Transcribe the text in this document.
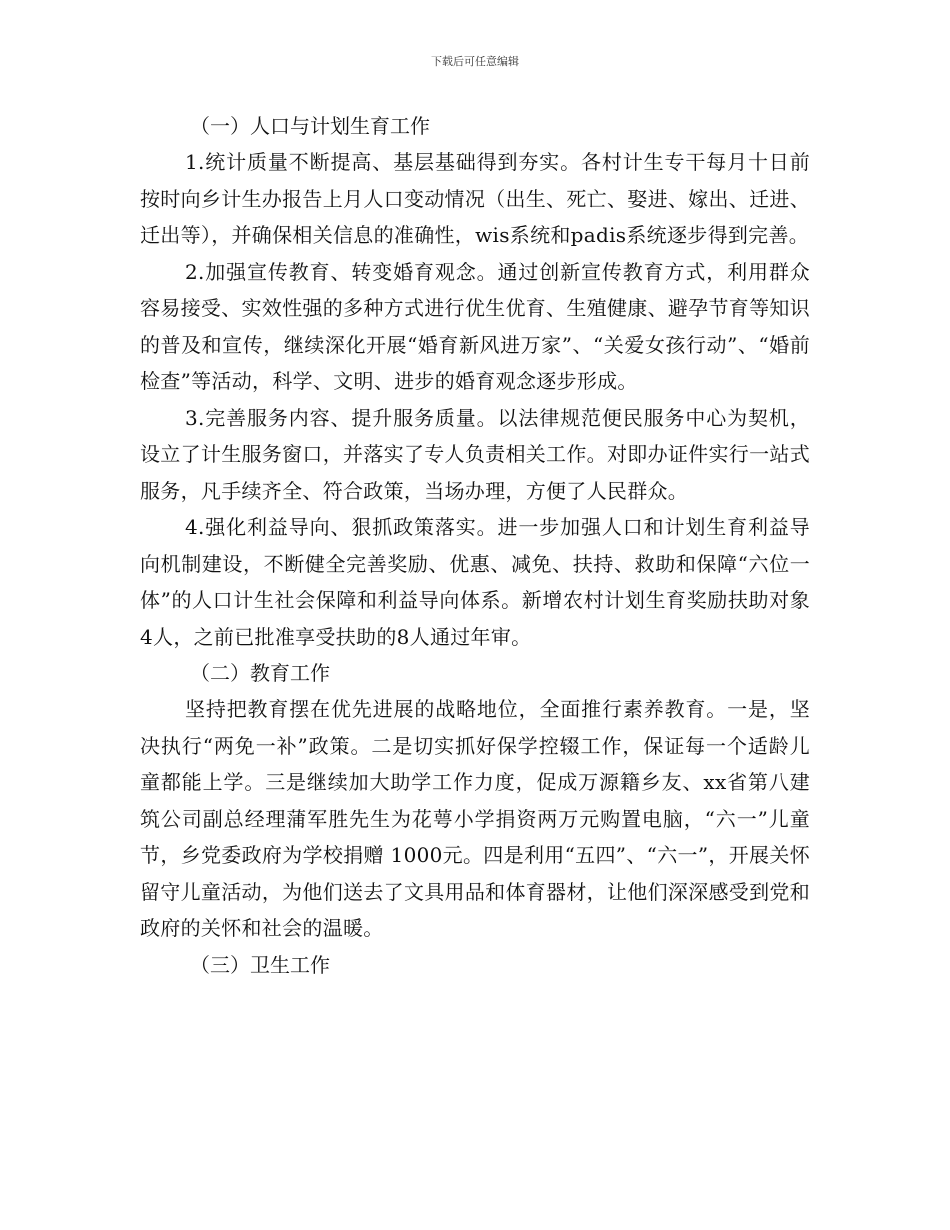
下载后可任意编辑
（一）人口与计划生育工作

1.统计质量不断提高、基层基础得到夯实。各村计生专干每月十日前按时向乡计生办报告上月人口变动情况（出生、死亡、娶进、嫁出、迁进、迁出等），并确保相关信息的准确性，wis系统和padis系统逐步得到完善。

2.加强宣传教育、转变婚育观念。通过创新宣传教育方式，利用群众容易接受、实效性强的多种方式进行优生优育、生殖健康、避孕节育等知识的普及和宣传，继续深化开展“婚育新风进万家”、“关爱女孩行动”、“婚前检查”等活动，科学、文明、进步的婚育观念逐步形成。

3.完善服务内容、提升服务质量。以法律规范便民服务中心为契机，设立了计生服务窗口，并落实了专人负责相关工作。对即办证件实行一站式服务，凡手续齐全、符合政策，当场办理，方便了人民群众。

4.强化利益导向、狠抓政策落实。进一步加强人口和计划生育利益导向机制建设，不断健全完善奖励、优惠、减免、扶持、救助和保障“六位一体”的人口计生社会保障和利益导向体系。新增农村计划生育奖励扶助对象4人，之前已批准享受扶助的8人通过年审。

（二）教育工作

坚持把教育摆在优先进展的战略地位，全面推行素养教育。一是，坚决执行“两免一补”政策。二是切实抓好保学控辍工作，保证每一个适龄儿童都能上学。三是继续加大助学工作力度，促成万源籍乡友、xx省第八建筑公司副总经理蒲军胜先生为花萼小学捐资两万元购置电脑，“六一”儿童节，乡党委政府为学校捐赠 1000元。四是利用“五四”、“六一”，开展关怀留守儿童活动，为他们送去了文具用品和体育器材，让他们深深感受到党和政府的关怀和社会的温暖。

（三）卫生工作
